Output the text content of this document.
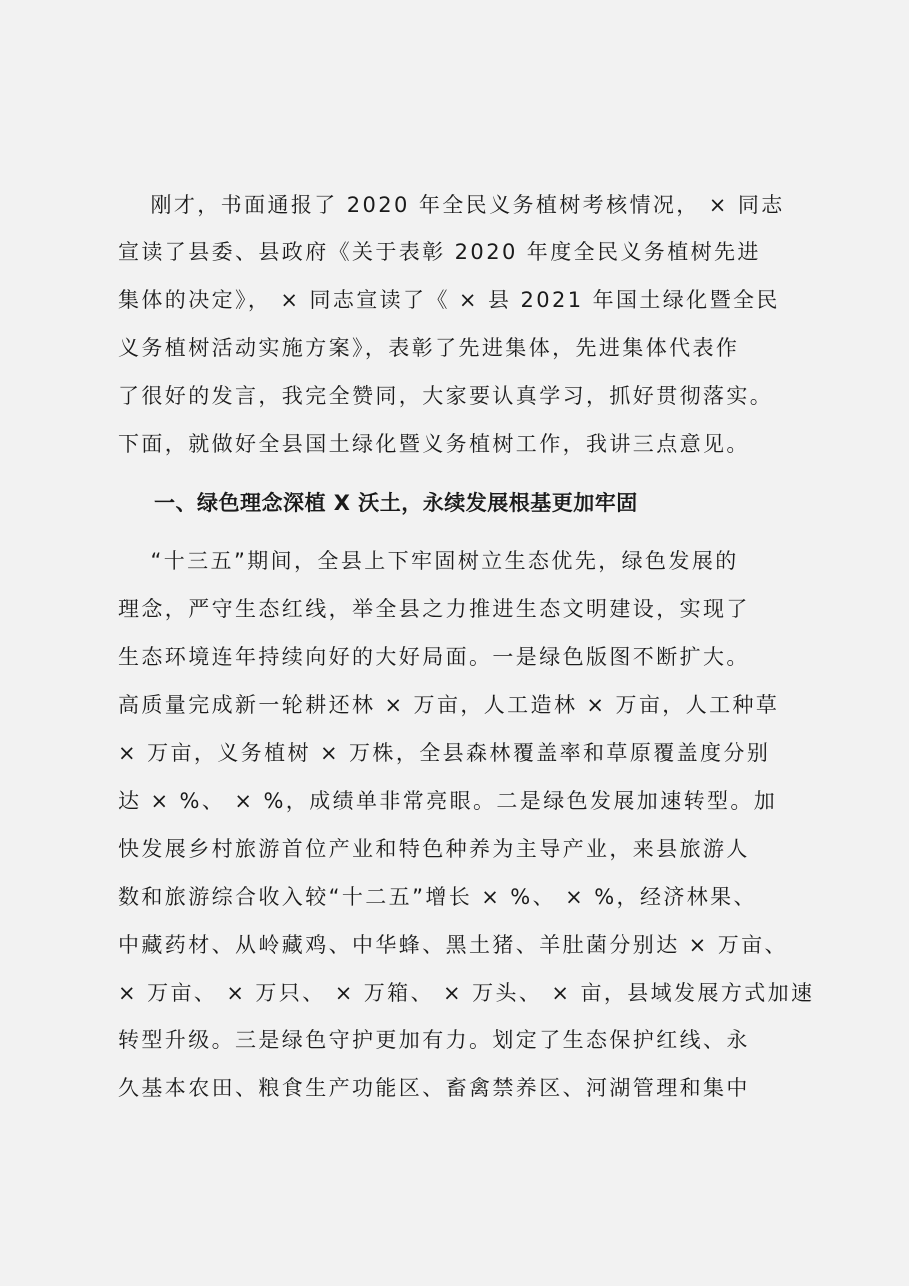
　 刚才，书面通报了 2020 年全民义务植树考核情况， × 同志
宣读了县委、县政府《关于表彰 2020 年度全民义务植树先进
集体的决定》， × 同志宣读了《 × 县 2021 年国土绿化暨全民
义务植树活动实施方案》，表彰了先进集体，先进集体代表作
了很好的发言，我完全赞同，大家要认真学习，抓好贯彻落实。
下面，就做好全县国土绿化暨义务植树工作，我讲三点意见。
一、绿色理念深植 X 沃土，永续发展根基更加牢固
　 “十三五”期间，全县上下牢固树立生态优先，绿色发展的
理念，严守生态红线，举全县之力推进生态文明建设，实现了
生态环境连年持续向好的大好局面。一是绿色版图不断扩大。
高质量完成新一轮耕还林 × 万亩，人工造林 × 万亩，人工种草
× 万亩，义务植树 × 万株，全县森林覆盖率和草原覆盖度分别
达 × %、 × %，成绩单非常亮眼。二是绿色发展加速转型。加
快发展乡村旅游首位产业和特色种养为主导产业，来县旅游人
数和旅游综合收入较“十二五”增长 × %、 × %，经济林果、
中藏药材、从岭藏鸡、中华蜂、黑土猪、羊肚菌分别达 × 万亩、
× 万亩、 × 万只、 × 万箱、 × 万头、 × 亩，县域发展方式加速
转型升级。三是绿色守护更加有力。划定了生态保护红线、永
久基本农田、粮食生产功能区、畜禽禁养区、河湖管理和集中
